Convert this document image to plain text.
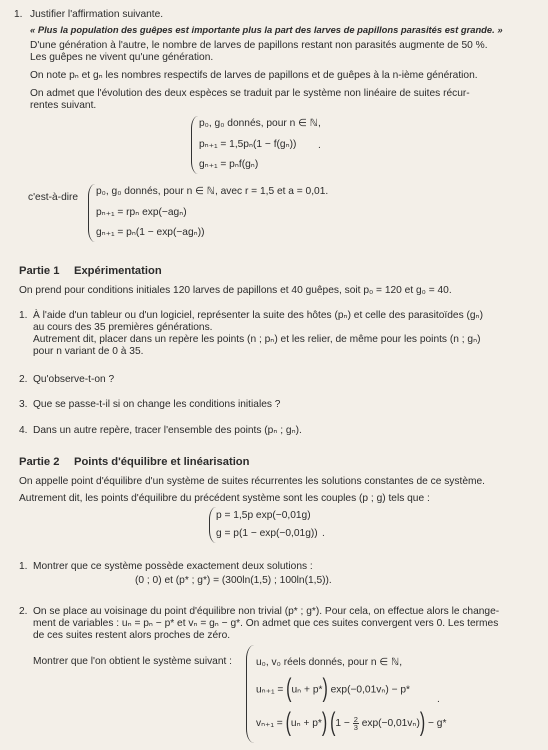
1. Justifier l'affirmation suivante.
« Plus la population des guêpes est importante plus la part des larves de papillons parasités est grande. »
D'une génération à l'autre, le nombre de larves de papillons restant non parasités augmente de 50 %.
Les guêpes ne vivent qu'une génération.
On note pₙ et gₙ les nombres respectifs de larves de papillons et de guêpes à la n-ième génération.
On admet que l'évolution des deux espèces se traduit par le système non linéaire de suites récur-
rentes suivant.
p₀, g₀ donnés, pour n ∈ ℕ,
pₙ₊₁ = 1,5pₙ(1 − f(gₙ))
gₙ₊₁ = pₙf(gₙ)
.
c'est-à-dire
p₀, g₀ donnés, pour n ∈ ℕ, avec r = 1,5 et a = 0,01.
pₙ₊₁ = rpₙ exp(−agₙ)
gₙ₊₁ = pₙ(1 − exp(−agₙ))
Partie 1 Expérimentation
On prend pour conditions initiales 120 larves de papillons et 40 guêpes, soit p₀ = 120 et g₀ = 40.
1. À l'aide d'un tableur ou d'un logiciel, représenter la suite des hôtes (pₙ) et celle des parasitoïdes (gₙ)
au cours des 35 premières générations.
Autrement dit, placer dans un repère les points (n ; pₙ) et les relier, de même pour les points (n ; gₙ)
pour n variant de 0 à 35.
2. Qu'observe-t-on ?
3. Que se passe-t-il si on change les conditions initiales ?
4. Dans un autre repère, tracer l'ensemble des points (pₙ ; gₙ).
Partie 2 Points d'équilibre et linéarisation
On appelle point d'équilibre d'un système de suites récurrentes les solutions constantes de ce système.
Autrement dit, les points d'équilibre du précédent système sont les couples (p ; g) tels que :
p = 1,5p exp(−0,01g)
g = p(1 − exp(−0,01g)) .
1. Montrer que ce système possède exactement deux solutions :
(0 ; 0) et (p* ; g*) = (300ln(1,5) ; 100ln(1,5)).
2. On se place au voisinage du point d'équilibre non trivial (p* ; g*). Pour cela, on effectue alors le change-
ment de variables : uₙ = pₙ − p* et vₙ = gₙ − g*. On admet que ces suites convergent vers 0. Les termes
de ces suites restent alors proches de zéro.
Montrer que l'on obtient le système suivant : u₀, v₀ réels donnés, pour n ∈ ℕ,
uₙ₊₁ = (uₙ + p*) exp(−0,01vₙ) − p*
vₙ₊₁ = (uₙ + p*) $(1 - \frac{2}{3} \exp(-0,01v_n)) - g*$
.
